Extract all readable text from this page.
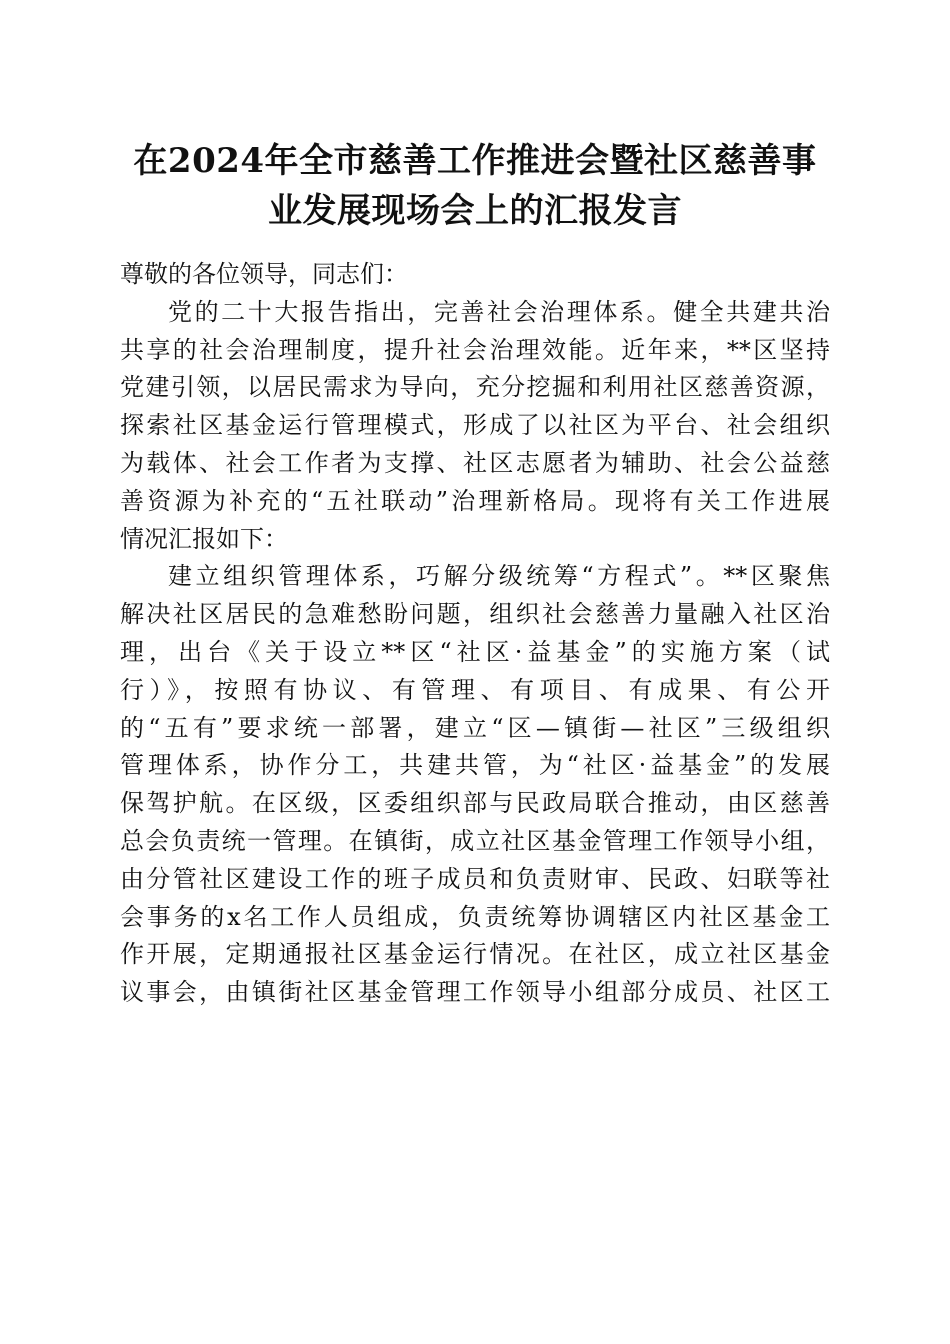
在2024年全市慈善工作推进会暨社区慈善事
业发展现场会上的汇报发言
尊敬的各位领导，同志们：
党的二十大报告指出，完善社会治理体系。健全共建共治
共享的社会治理制度，提升社会治理效能。近年来，**区坚持
党建引领，以居民需求为导向，充分挖掘和利用社区慈善资源，
探索社区基金运行管理模式，形成了以社区为平台、社会组织
为载体、社会工作者为支撑、社区志愿者为辅助、社会公益慈
善资源为补充的“五社联动”治理新格局。现将有关工作进展
情况汇报如下：
建立组织管理体系，巧解分级统筹“方程式”。**区聚焦
解决社区居民的急难愁盼问题，组织社会慈善力量融入社区治
理，出台《关于设立**区“社区·益基金”的实施方案（试
行）》，按照有协议、有管理、有项目、有成果、有公开
的“五有”要求统一部署，建立“区—镇街—社区”三级组织
管理体系，协作分工，共建共管，为“社区·益基金”的发展
保驾护航。在区级，区委组织部与民政局联合推动，由区慈善
总会负责统一管理。在镇街，成立社区基金管理工作领导小组，
由分管社区建设工作的班子成员和负责财审、民政、妇联等社
会事务的x名工作人员组成，负责统筹协调辖区内社区基金工
作开展，定期通报社区基金运行情况。在社区，成立社区基金
议事会，由镇街社区基金管理工作领导小组部分成员、社区工
